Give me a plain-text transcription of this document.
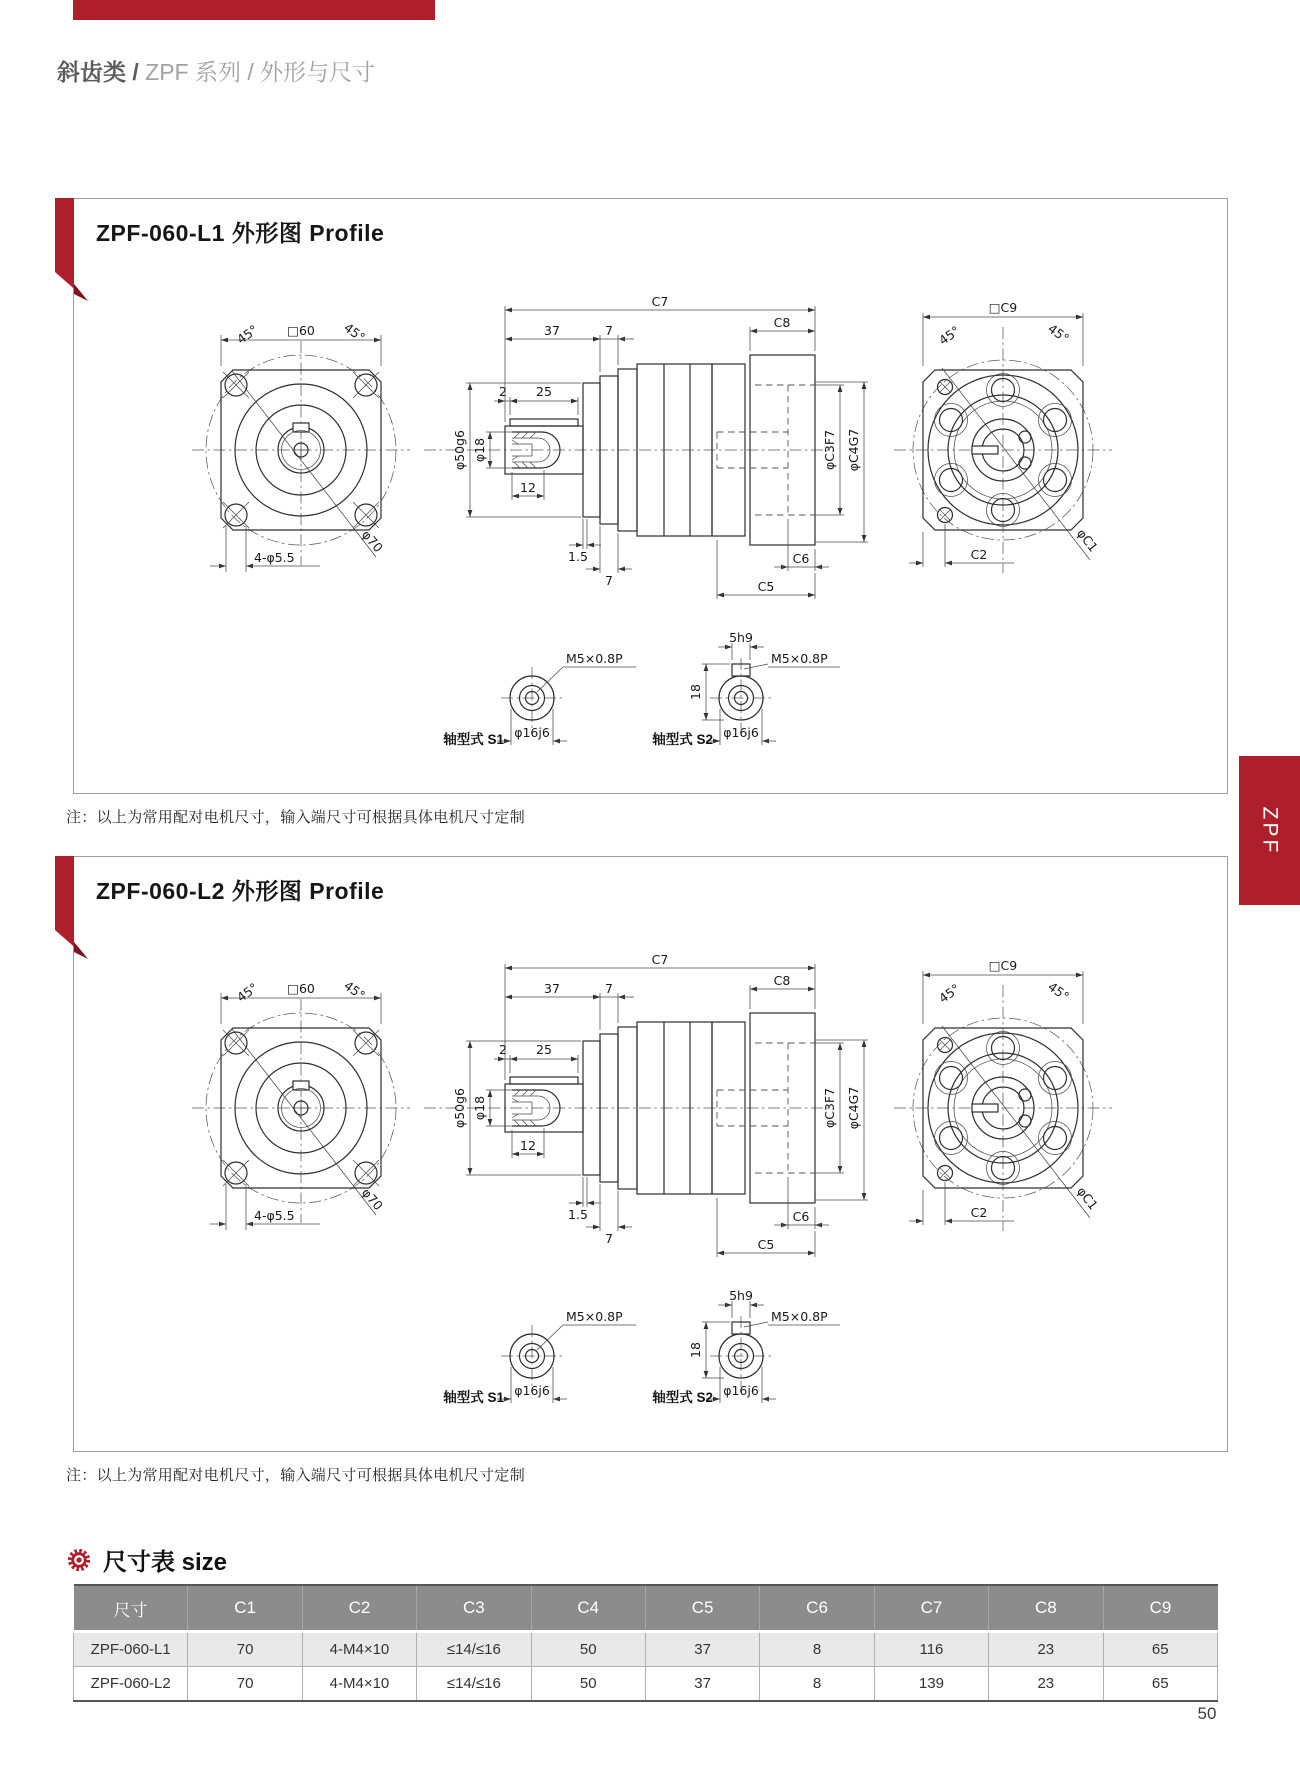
斜齿类 / ZPF 系列 / 外形与尺寸
ZPF-060-L1 外形图 Profile
□60
45°	45°
4-φ5.5
φ70
C7
37	7
C8
2 25
φ50g6 φ18
12
1.5
7
C6
C5
φC3F7 φC4G7
□C9
45°	45°
C2	φC1
M5×0.8P
φ16j6
轴型式 S1
5h9
M5×0.8P
18
φ16j6
轴型式 S2
注：以上为常用配对电机尺寸，输入端尺寸可根据具体电机尺寸定制	ZPF
ZPF-060-L2 外形图 Profile
□60
45°	45°
4-φ5.5
φ70
C7
37	7
C8
2 25
φ50g6 φ18
12
1.5
7
C6
C5
φC3F7 φC4G7
□C9
45°	45°
C2	φC1
M5×0.8P
φ16j6
轴型式 S1
5h9
M5×0.8P
18
φ16j6
轴型式 S2
注：以上为常用配对电机尺寸，输入端尺寸可根据具体电机尺寸定制
尺寸表 size
尺寸	C1	C2	C3	C4	C5	C6	C7	C8	C9
ZPF-060-L1	70	4-M4×10	≤14/≤16	50	37	8	116	23	65
ZPF-060-L2	70	4-M4×10	≤14/≤16	50	37	8	139	23	65
50
